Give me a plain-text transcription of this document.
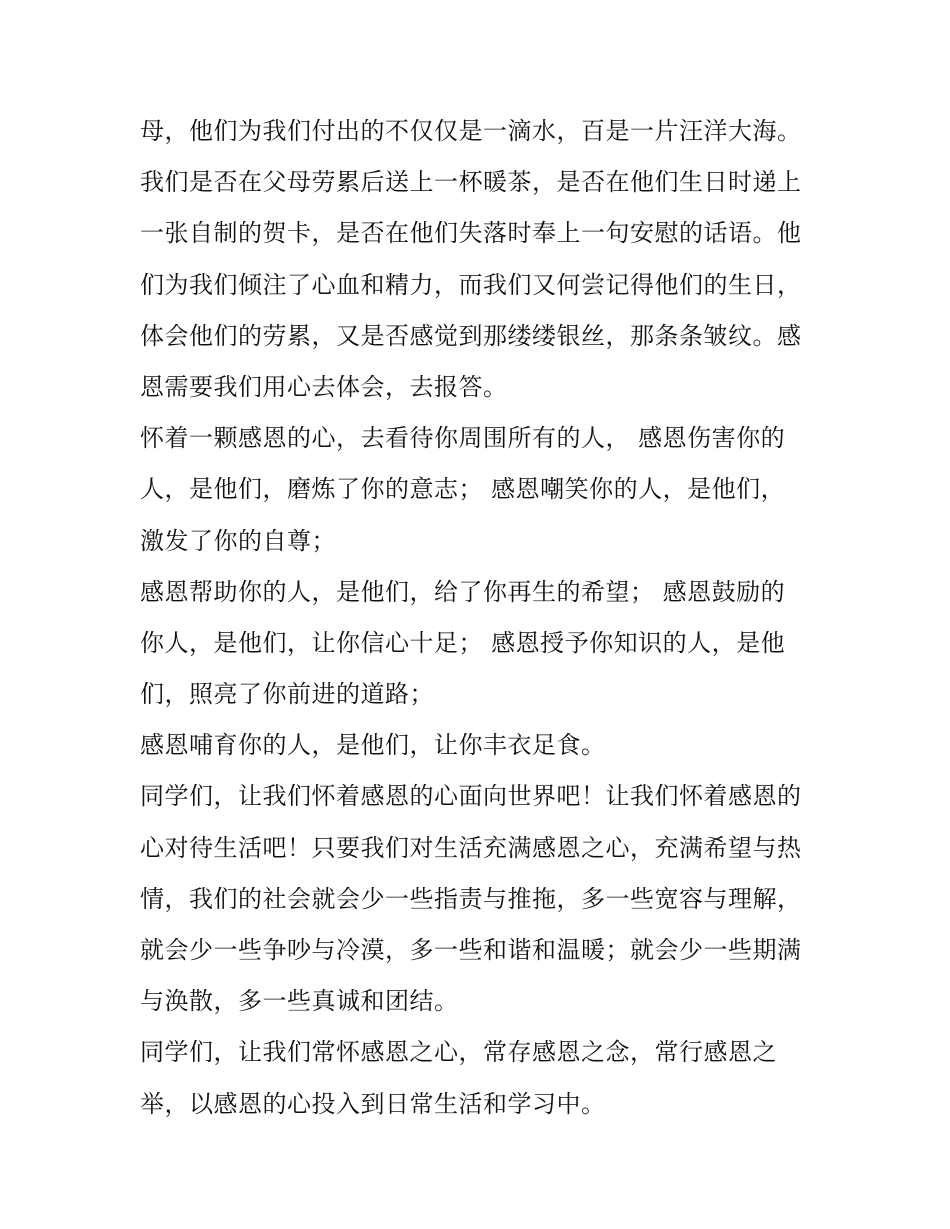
母，他们为我们付出的不仅仅是一滴水，百是一片汪洋大海。
我们是否在父母劳累后送上一杯暖茶，是否在他们生日时递上
一张自制的贺卡，是否在他们失落时奉上一句安慰的话语。他
们为我们倾注了心血和精力，而我们又何尝记得他们的生日，
体会他们的劳累，又是否感觉到那缕缕银丝，那条条皱纹。感
恩需要我们用心去体会，去报答。
怀着一颗感恩的心，去看待你周围所有的人， 感恩伤害你的
人，是他们，磨炼了你的意志； 感恩嘲笑你的人，是他们，
激发了你的自尊；
感恩帮助你的人，是他们，给了你再生的希望； 感恩鼓励的
你人，是他们，让你信心十足； 感恩授予你知识的人，是他
们，照亮了你前进的道路；
感恩哺育你的人，是他们，让你丰衣足食。
同学们，让我们怀着感恩的心面向世界吧！让我们怀着感恩的
心对待生活吧！只要我们对生活充满感恩之心，充满希望与热
情，我们的社会就会少一些指责与推拖，多一些宽容与理解，
就会少一些争吵与冷漠，多一些和谐和温暖；就会少一些期满
与涣散，多一些真诚和团结。
同学们，让我们常怀感恩之心，常存感恩之念，常行感恩之
举，以感恩的心投入到日常生活和学习中。
